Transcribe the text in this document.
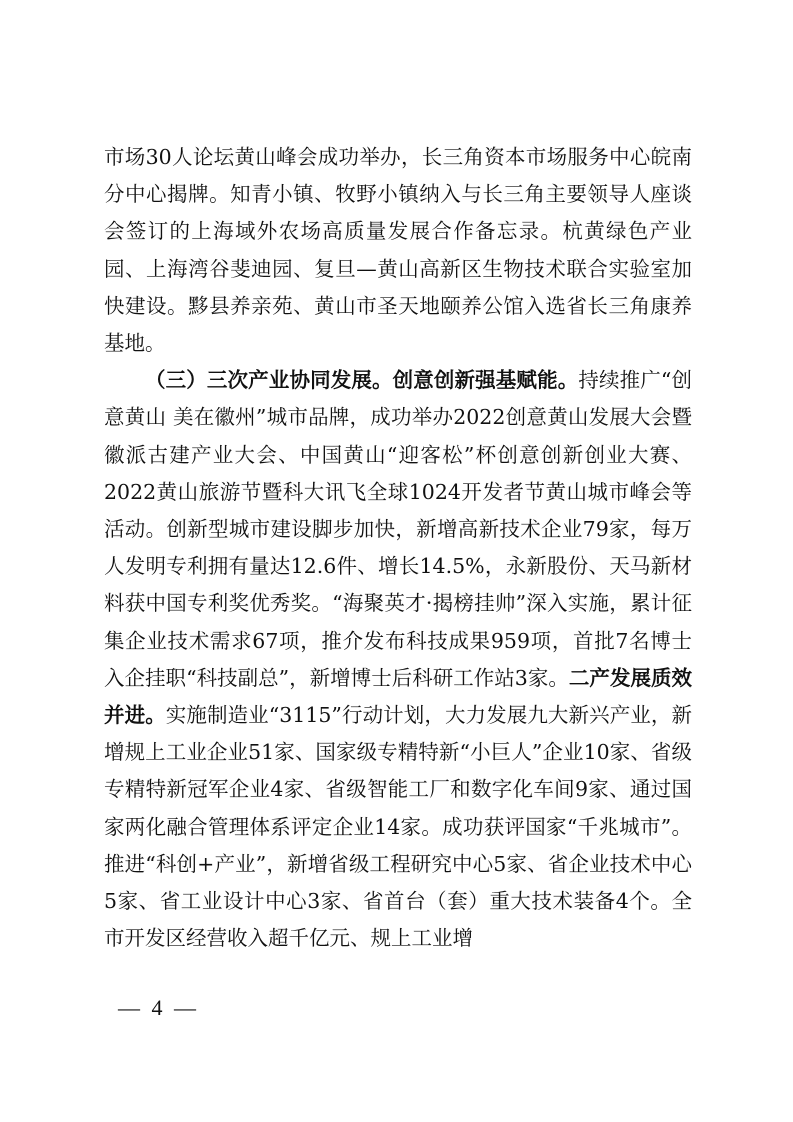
市场30人论坛黄山峰会成功举办，长三角资本市场服务中心皖南分中心揭牌。知青小镇、牧野小镇纳入与长三角主要领导人座谈会签订的上海域外农场高质量发展合作备忘录。杭黄绿色产业园、上海湾谷斐迪园、复旦—黄山高新区生物技术联合实验室加快建设。黟县养亲苑、黄山市圣天地颐养公馆入选省长三角康养基地。

（三）三次产业协同发展。创意创新强基赋能。持续推广“创意黄山 美在徽州”城市品牌，成功举办2022创意黄山发展大会暨徽派古建产业大会、中国黄山“迎客松”杯创意创新创业大赛、2022黄山旅游节暨科大讯飞全球1024开发者节黄山城市峰会等活动。创新型城市建设脚步加快，新增高新技术企业79家，每万人发明专利拥有量达12.6件、增长14.5%，永新股份、天马新材料获中国专利奖优秀奖。“海聚英才·揭榜挂帅”深入实施，累计征集企业技术需求67项，推介发布科技成果959项，首批7名博士入企挂职“科技副总”，新增博士后科研工作站3家。二产发展质效并进。实施制造业“3115”行动计划，大力发展九大新兴产业，新增规上工业企业51家、国家级专精特新“小巨人”企业10家、省级专精特新冠军企业4家、省级智能工厂和数字化车间9家、通过国家两化融合管理体系评定企业14家。成功获评国家“千兆城市”。推进“科创+产业”，新增省级工程研究中心5家、省企业技术中心5家、省工业设计中心3家、省首台（套）重大技术装备4个。全市开发区经营收入超千亿元、规上工业增

— 4 —
